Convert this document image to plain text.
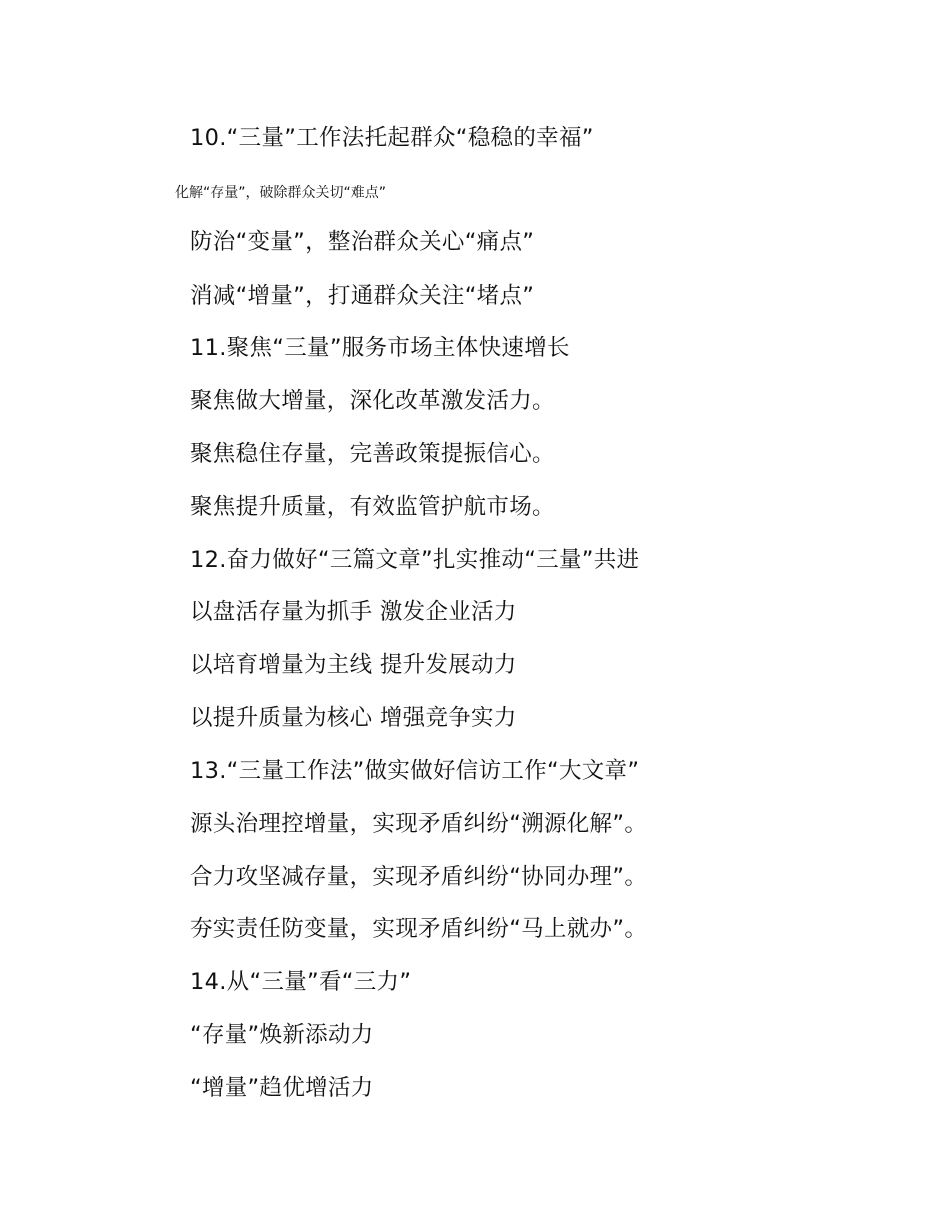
10.“三量”工作法托起群众“稳稳的幸福”
化解“存量”，破除群众关切“难点”
防治“变量”，整治群众关心“痛点”
消减“增量”，打通群众关注“堵点”
11.聚焦“三量”服务市场主体快速增长
聚焦做大增量，深化改革激发活力。
聚焦稳住存量，完善政策提振信心。
聚焦提升质量，有效监管护航市场。
12.奋力做好“三篇文章”扎实推动“三量”共进
以盘活存量为抓手 激发企业活力
以培育增量为主线 提升发展动力
以提升质量为核心 增强竞争实力
13.“三量工作法”做实做好信访工作“大文章”
源头治理控增量，实现矛盾纠纷“溯源化解”。
合力攻坚减存量，实现矛盾纠纷“协同办理”。
夯实责任防变量，实现矛盾纠纷“马上就办”。
14.从“三量”看“三力”
“存量”焕新添动力
“增量”趋优增活力
